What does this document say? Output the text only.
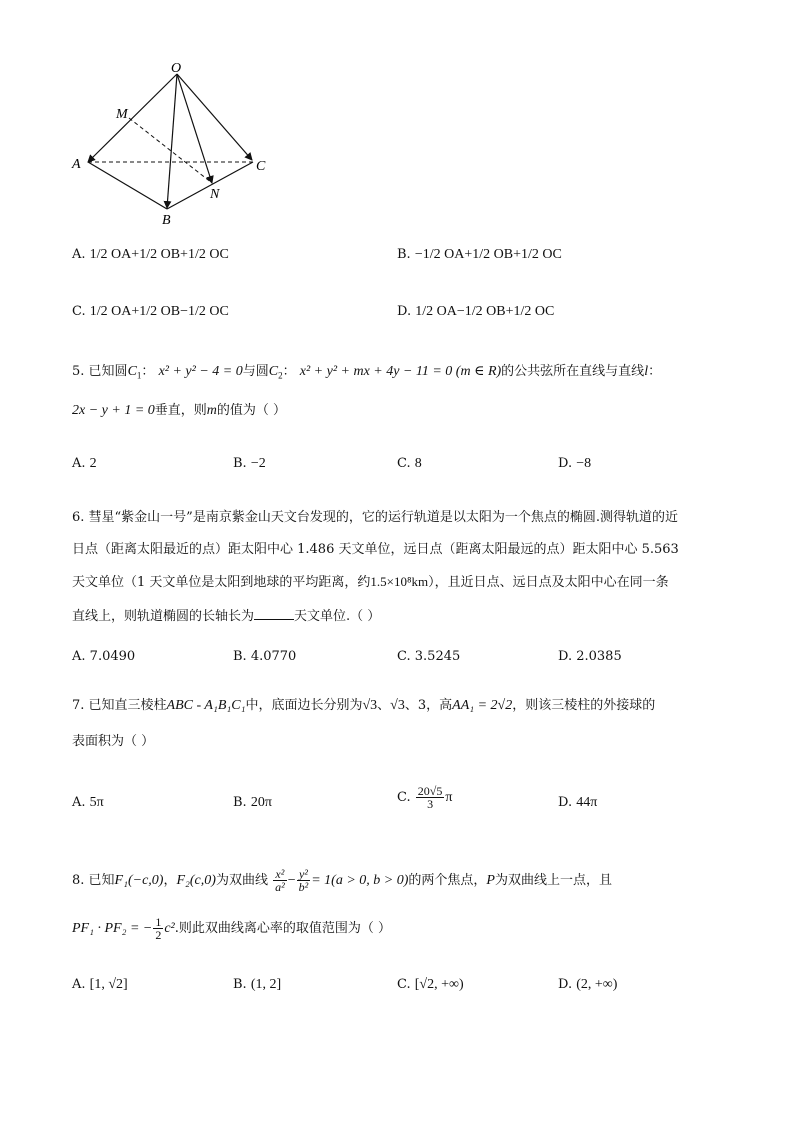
O
M
A	C
N
B
5. 已知圆$C_1$： x² + y² − 4 = 0与圆$C_2$： x² + y² + mx + 4y − 11 = 0 (m ∈ R)的公共弦所在直线与直线l：
2x − y + 1 = 0垂直，则m的值为（ ）
6. 彗星“紫金山一号”是南京紫金山天文台发现的，它的运行轨道是以太阳为一个焦点的椭圆.测得轨道的近
日点（距离太阳最近的点）距太阳中心 1.486 天文单位，远日点（距离太阳最远的点）距太阳中心 5.563
天文单位（1 天文单位是太阳到地球的平均距离，约1.5×10⁸km），且近日点、远日点及太阳中心在同一条
直线上，则轨道椭圆的长轴长为	天文单位.（ ）
7. 已知直三棱柱ABC - A₁B₁C₁中，底面边长分别为√3、√3、3，高AA₁ = 2√2，则该三棱柱的外接球的
表面积为（ ）
8. 已知F₁(−c,0)，F₂(c,0)为双曲线 $\frac{\text{x²}}{\text{a²}} - \frac{\text{y²}}{\text{b²}} = 1(a > 0$, b > 0)的两个焦点，P为双曲线上一点，且
PF₁ · PF₂ = − $\frac{1}{2} c^2$.则此双曲线离心率的取值范围为（ ）
A. 1/2 OA+1/2 OB+1/2 OC	B. −1/2 OA+1/2 OB+1/2 OC
C. 1/2 OA+1/2 OB−1/2 OC	D. 1/2 OA−1/2 OB+1/2 OC
A. 2	B. −2	C. 8	D. −8
A. 7.0490	B. 4.0770	C. 3.5245	D. 2.0385
A. 5π	B. 20π	C. $\frac{20√5}{3}$ π	D. 44π
A. [1, √2]	B. (1, 2]	C. [√2, +∞)	D. (2, +∞)
